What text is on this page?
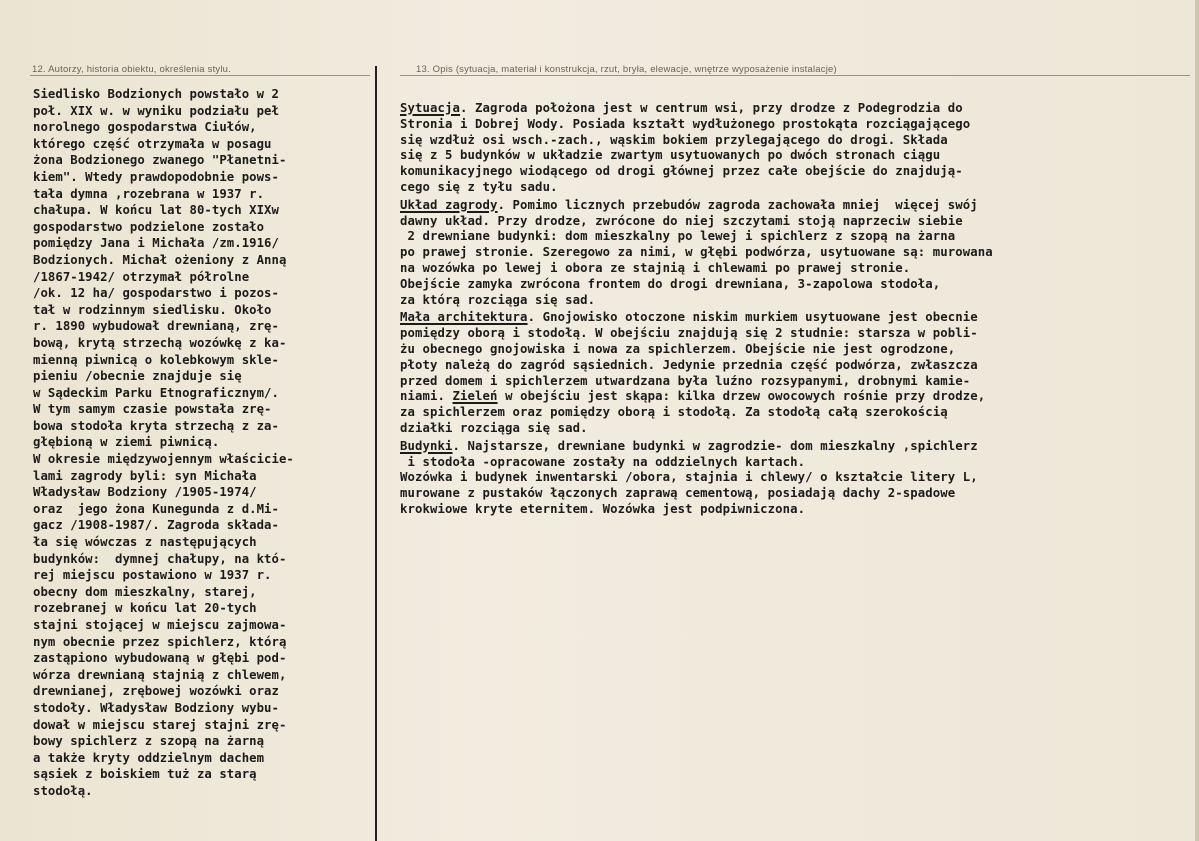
12. Autorzy, historia obiektu, określenia stylu.	13. Opis (sytuacja, materiał i konstrukcja, rzut, bryła, elewacje, wnętrze wyposażenie instalacje)
Siedlisko Bodzionych powstało w 2
poł. XIX w. w wyniku podziału peł
norolnego gospodarstwa Ciułów,
którego część otrzymała w posagu
żona Bodzionego zwanego "Płanetni-
kiem". Wtedy prawdopodobnie pows-
tała dymna ,rozebrana w 1937 r.
chałupa. W końcu lat 80-tych XIXw
gospodarstwo podzielone zostało
pomiędzy Jana i Michała /zm.1916/
Bodzionych. Michał ożeniony z Anną
/1867-1942/ otrzymał półrolne
/ok. 12 ha/ gospodarstwo i pozos-
tał w rodzinnym siedlisku. Około
r. 1890 wybudował drewnianą, zrę-
bową, krytą strzechą wozówkę z ka-
mienną piwnicą o kolebkowym skle-
pieniu /obecnie znajduje się
w Sądeckim Parku Etnograficznym/.
W tym samym czasie powstała zrę-
bowa stodoła kryta strzechą z za-
głębioną w ziemi piwnicą.
W okresie międzywojennym właścicie-
lami zagrody byli: syn Michała
Władysław Bodziony /1905-1974/
oraz  jego żona Kunegunda z d.Mi-
gacz /1908-1987/. Zagroda składa-
ła się wówczas z następujących
budynków:  dymnej chałupy, na któ-
rej miejscu postawiono w 1937 r.
obecny dom mieszkalny, starej,
rozebranej w końcu lat 20-tych
stajni stojącej w miejscu zajmowa-
nym obecnie przez spichlerz, którą
zastąpiono wybudowaną w głębi pod-
wórza drewnianą stajnią z chlewem,
drewnianej, zrębowej wozówki oraz
stodoły. Władysław Bodziony wybu-
dował w miejscu starej stajni zrę-
bowy spichlerz z szopą na żarną
a także kryty oddzielnym dachem
sąsiek z boiskiem tuż za starą
stodołą.
Sytuacja. Zagroda położona jest w centrum wsi, przy drodze z Podegrodzia do
Stronia i Dobrej Wody. Posiada kształt wydłużonego prostokąta rozciągającego
się wzdłuż osi wsch.-zach., wąskim bokiem przylegającego do drogi. Składa
się z 5 budynków w układzie zwartym usytuowanych po dwóch stronach ciągu
komunikacyjnego wiodącego od drogi głównej przez całe obejście do znajdują-
cego się z tyłu sadu.
Układ zagrody. Pomimo licznych przebudów zagroda zachowała mniej  więcej swój
dawny układ. Przy drodze, zwrócone do niej szczytami stoją naprzeciw siebie
2 drewniane budynki: dom mieszkalny po lewej i spichlerz z szopą na żarna
po prawej stronie. Szeregowo za nimi, w głębi podwórza, usytuowane są: murowana
na wozówka po lewej i obora ze stajnią i chlewami po prawej stronie.
Obejście zamyka zwrócona frontem do drogi drewniana, 3-zapolowa stodoła,
za którą rozciąga się sad.
Mała architektura. Gnojowisko otoczone niskim murkiem usytuowane jest obecnie
pomiędzy oborą i stodołą. W obejściu znajdują się 2 studnie: starsza w pobli-
żu obecnego gnojowiska i nowa za spichlerzem. Obejście nie jest ogrodzone,
płoty należą do zagród sąsiednich. Jedynie przednia część podwórza, zwłaszcza
przed domem i spichlerzem utwardzana była luźno rozsypanymi, drobnymi kamie-
niami. Zieleń w obejściu jest skąpa: kilka drzew owocowych rośnie przy drodze,
za spichlerzem oraz pomiędzy oborą i stodołą. Za stodołą całą szerokością
działki rozciąga się sad.
Budynki. Najstarsze, drewniane budynki w zagrodzie- dom mieszkalny ,spichlerz
i stodoła -opracowane zostały na oddzielnych kartach.
Wozówka i budynek inwentarski /obora, stajnia i chlewy/ o kształcie litery L,
murowane z pustaków łączonych zaprawą cementową, posiadają dachy 2-spadowe
krokwiowe kryte eternitem. Wozówka jest podpiwniczona.
